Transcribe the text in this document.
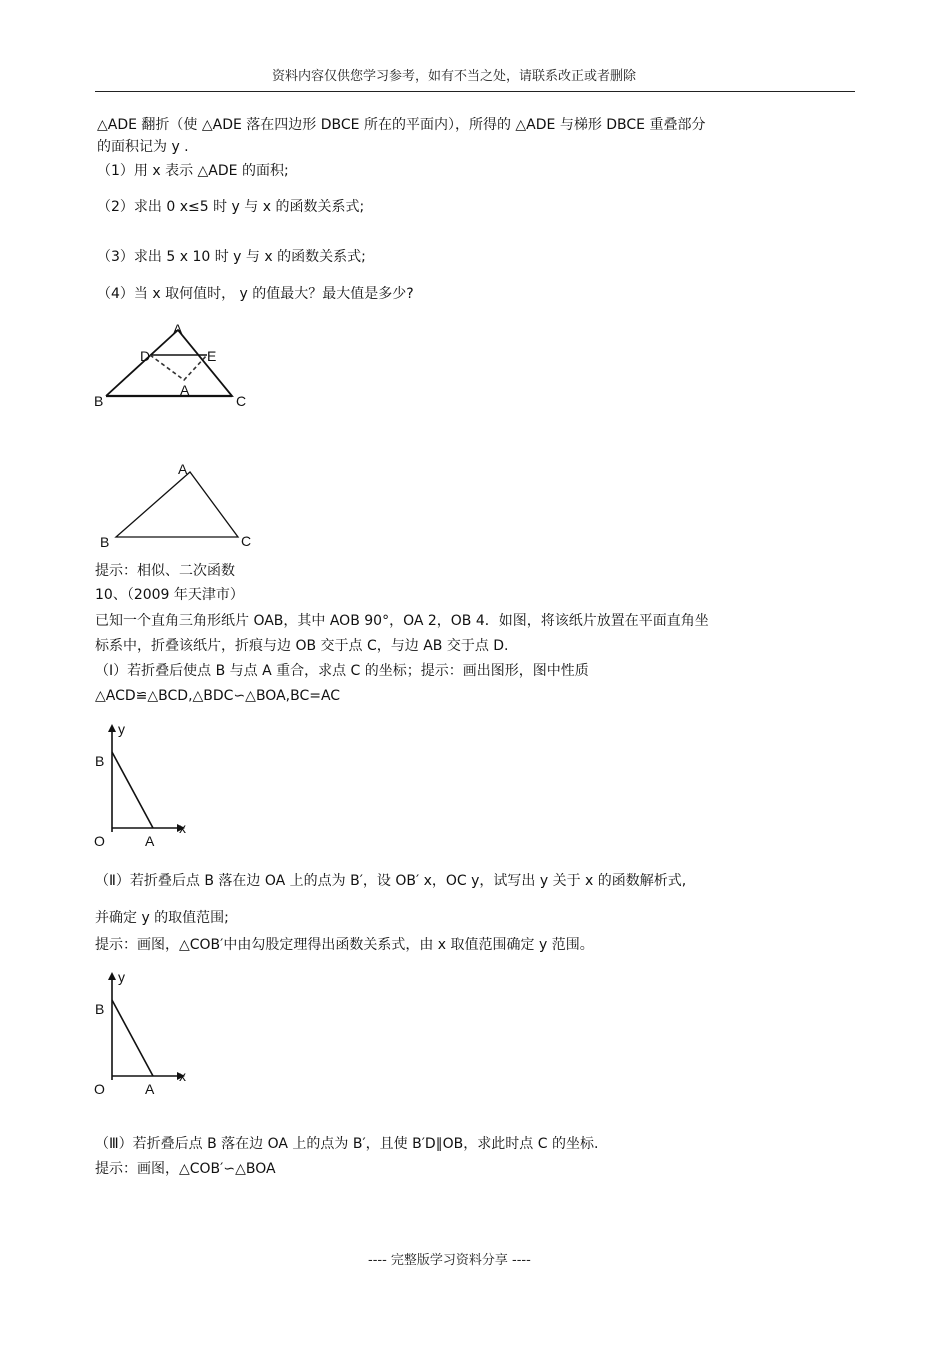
资料内容仅供您学习参考，如有不当之处，请联系改正或者删除
△ADE 翻折（使 △ADE 落在四边形 DBCE 所在的平面内），所得的 △ADE 与梯形 DBCE 重叠部分
的面积记为 y .
（1）用 x 表示 △ADE 的面积;
（2）求出 0 x≤5 时 y 与 x 的函数关系式;
（3）求出 5 x 10 时 y 与 x 的函数关系式;
（4）当 x 取何值时， y 的值最大？最大值是多少?
A
D	E
A
B	C
A
B	C
提示：相似、二次函数
10、（2009 年天津市）
已知一个直角三角形纸片 OAB，其中 AOB 90°，OA 2，OB 4．如图，将该纸片放置在平面直角坐
标系中，折叠该纸片，折痕与边 OB 交于点 C，与边 AB 交于点 D.
（Ⅰ）若折叠后使点 B 与点 A 重合，求点 C 的坐标；提示：画出图形，图中性质
△ACD≌△BCD,△BDC∽△BOA,BC=AC
y
x
B
O	A
（Ⅱ）若折叠后点 B 落在边 OA 上的点为 B′，设 OB′ x，OC y，试写出 y 关于 x 的函数解析式,
并确定 y 的取值范围;
提示：画图，△COB′中由勾股定理得出函数关系式，由 x 取值范围确定 y 范围。
y
x
B
O	A
（Ⅲ）若折叠后点 B 落在边 OA 上的点为 B′，且使 B′D∥OB，求此时点 C 的坐标.
提示：画图，△COB′∽△BOA
---- 完整版学习资料分享 ----
